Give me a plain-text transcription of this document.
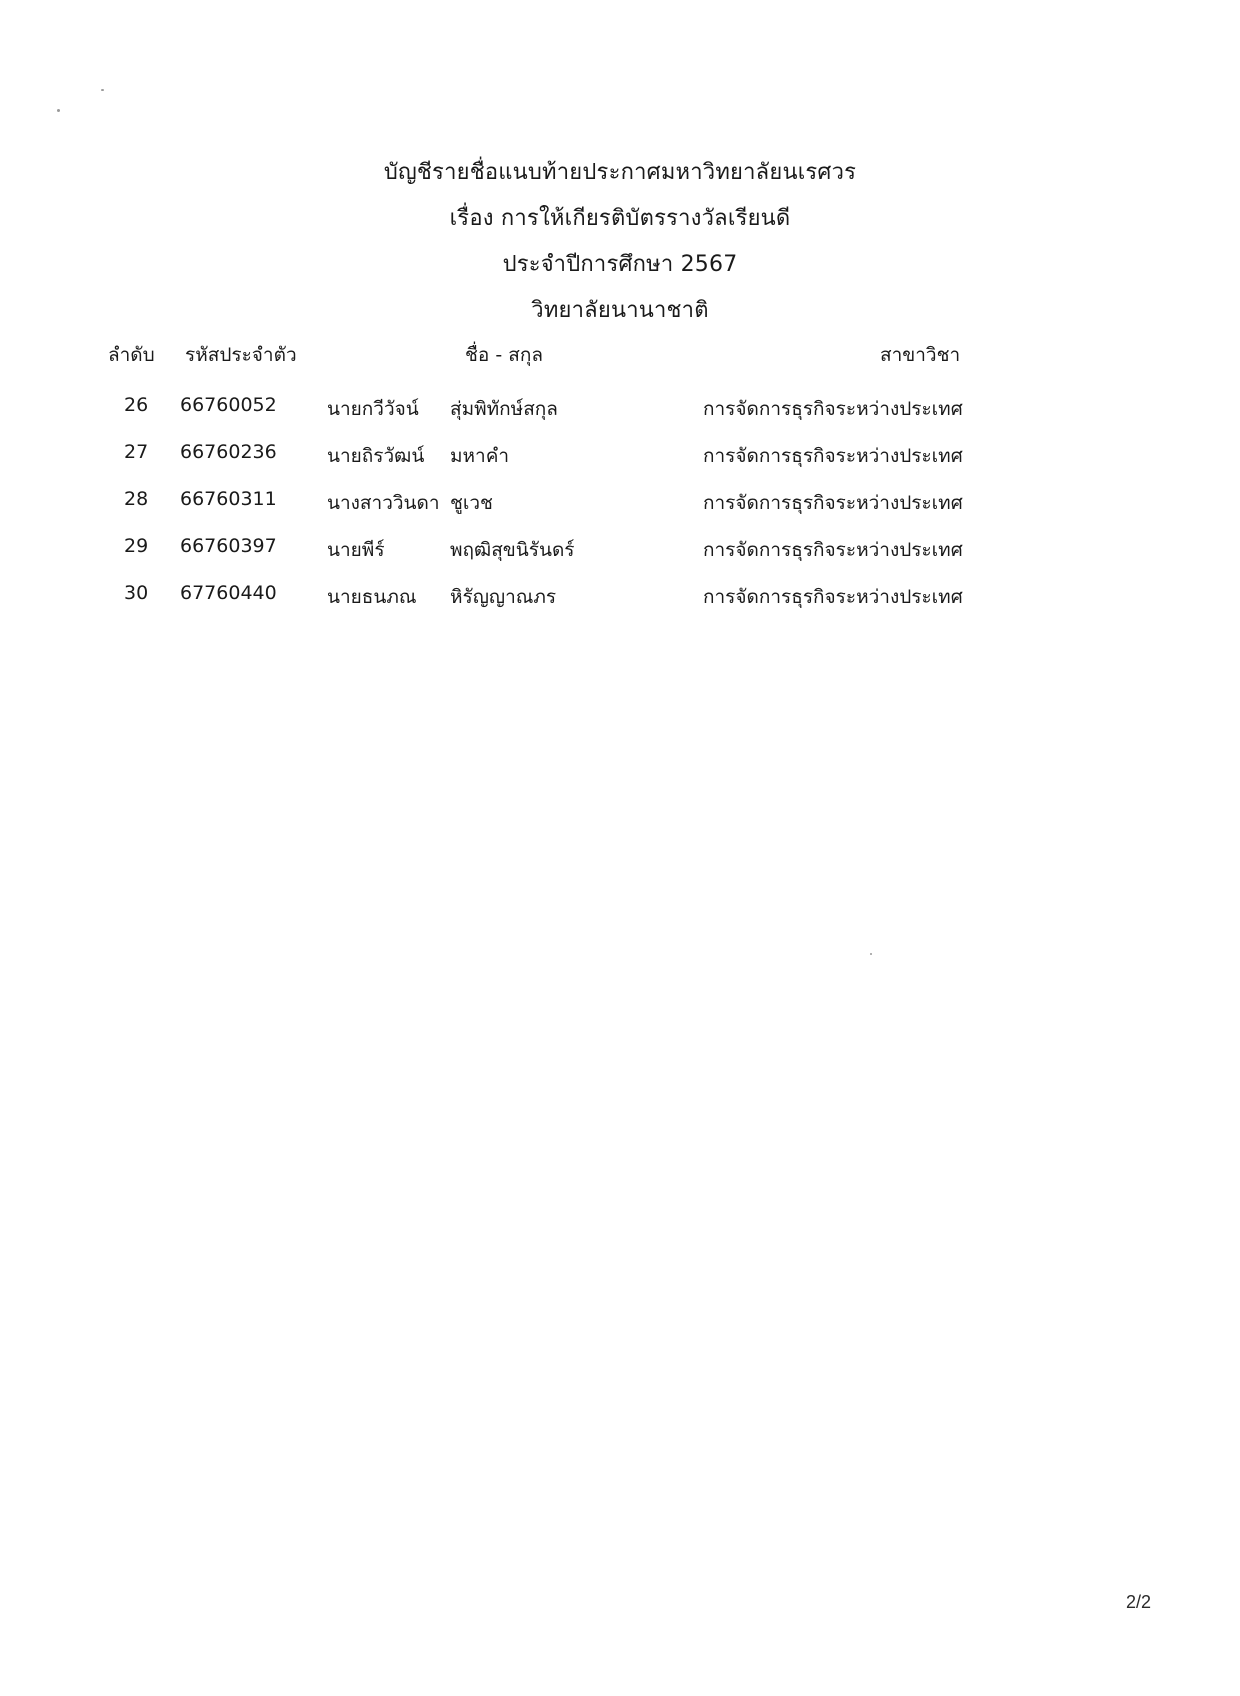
บัญชีรายชื่อแนบท้ายประกาศมหาวิทยาลัยนเรศวร

เรื่อง การให้เกียรติบัตรรางวัลเรียนดี

ประจำปีการศึกษา 2567

วิทยาลัยนานาชาติ

ลำดับ รหัสประจำตัว	ชื่อ - สกุล	สาขาวิชา
26 66760052	นายกวีวัจน์ สุ่มพิทักษ์สกุล	การจัดการธุรกิจระหว่างประเทศ
27 66760236	นายถิรวัฒน์ มหาคำ	การจัดการธุรกิจระหว่างประเทศ
28 66760311	นางสาววินดา ชูเวช	การจัดการธุรกิจระหว่างประเทศ
29 66760397	นายพีร์	พฤฒิสุขนิรันดร์	การจัดการธุรกิจระหว่างประเทศ
30 67760440	นายธนภณ หิรัญญาณภร	การจัดการธุรกิจระหว่างประเทศ
2/2
